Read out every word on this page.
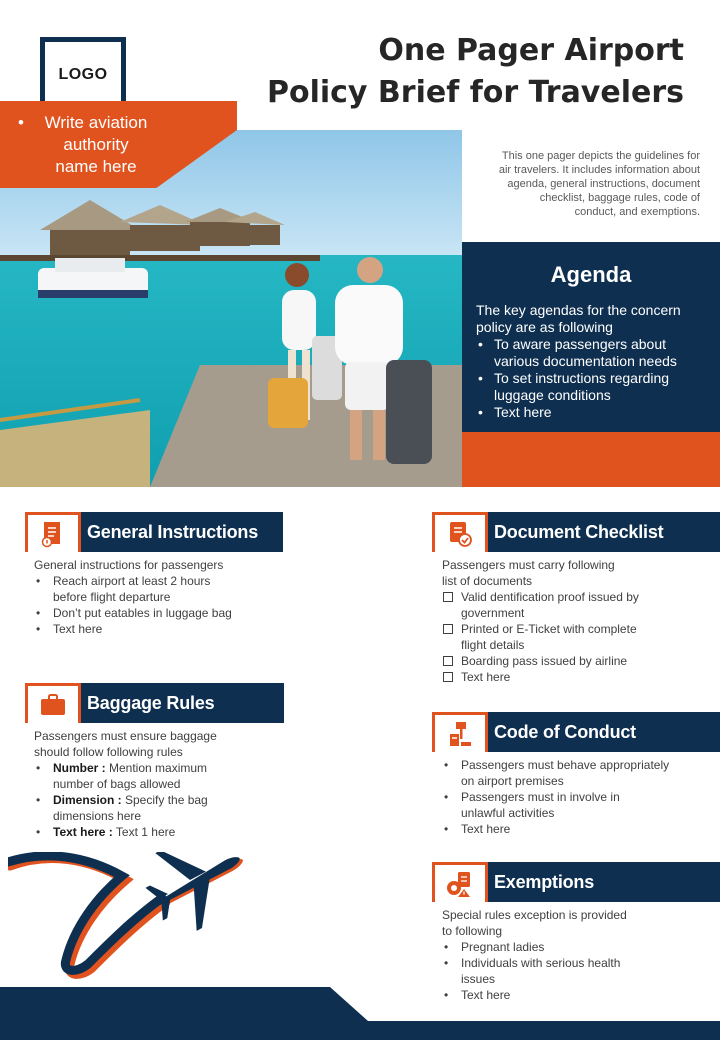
LOGO
One Pager Airport
Policy Brief for Travelers
•	Write aviation
authority
name here
This one pager depicts the guidelines for
air travelers. It includes information about
agenda, general instructions, document
checklist, baggage rules, code of
conduct, and exemptions.
Agenda
The key agendas for the concern
policy are as following
• To aware passengers about
various documentation needs
• To set instructions regarding
luggage conditions
• Text here
General Instructions
General instructions for passengers
• Reach airport at least 2 hours
before flight departure
• Don’t put eatables in luggage bag
• Text here
Document Checklist
Passengers must carry following
list of documents
Valid dentification proof issued by
government
Printed or E-Ticket with complete
flight details
Boarding pass issued by airline
Text here
Baggage Rules
Passengers must ensure baggage
should follow following rules
• Number : Mention maximum
number of bags allowed
• Dimension : Specify the bag
dimensions here
• Text here : Text 1 here
Code of Conduct
• Passengers must behave appropriately
on airport premises
• Passengers must in involve in
unlawful activities
• Text here
Exemptions
Special rules exception is provided
to following
• Pregnant ladies
• Individuals with serious health
issues
• Text here
